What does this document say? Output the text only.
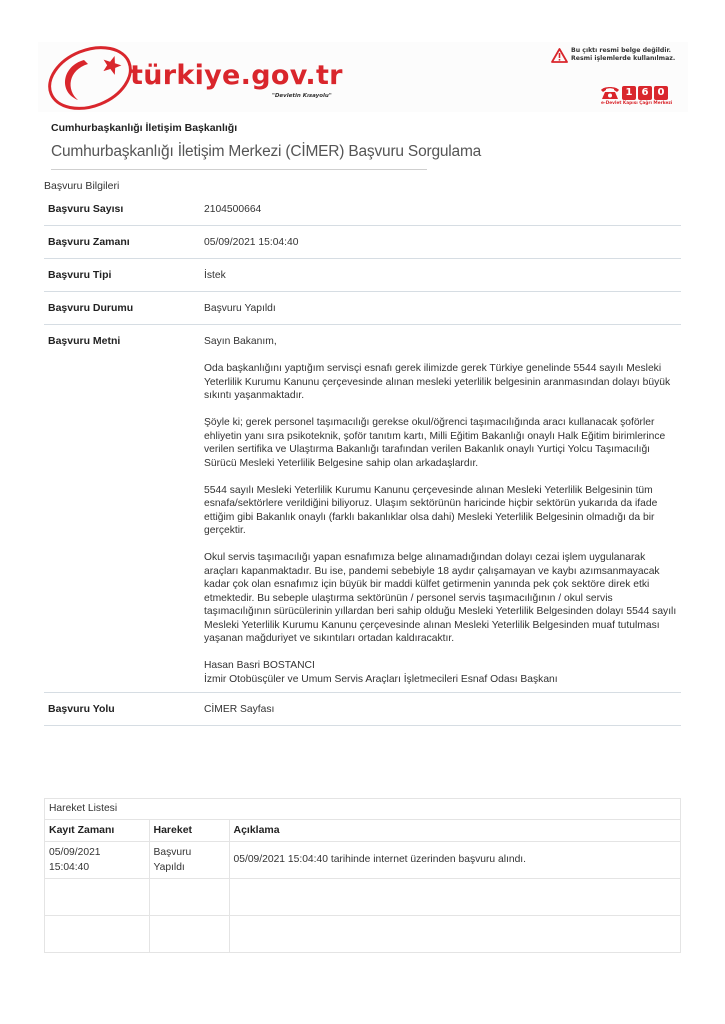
türkiye.gov.tr
"Devletin Kısayolu"
Bu çıktı resmi belge değildir.
Resmi işlemlerde kullanılmaz.
1 6 0
e-Devlet Kapısı Çağrı Merkezi
Cumhurbaşkanlığı İletişim Başkanlığı
Cumhurbaşkanlığı İletişim Merkezi (CİMER) Başvuru Sorgulama
Başvuru Bilgileri
Başvuru Sayısı	2104500664
Başvuru Zamanı	05/09/2021 15:04:40
Başvuru Tipi	İstek
Başvuru Durumu	Başvuru Yapıldı
Başvuru Metni	Sayın Bakanım,

Oda başkanlığını yaptığım servisçi esnafı gerek ilimizde gerek Türkiye genelinde 5544 sayılı Mesleki Yeterlilik Kurumu Kanunu çerçevesinde alınan mesleki yeterlilik belgesinin aranmasından dolayı büyük sıkıntı yaşanmaktadır.

Şöyle ki; gerek personel taşımacılığı gerekse okul/öğrenci taşımacılığında aracı kullanacak şoförler ehliyetin yanı sıra psikoteknik, şoför tanıtım kartı, Milli Eğitim Bakanlığı onaylı Halk Eğitim birimlerince verilen sertifika ve Ulaştırma Bakanlığı tarafından verilen Bakanlık onaylı Yurtiçi Yolcu Taşımacılığı Sürücü Mesleki Yeterlilik Belgesine sahip olan arkadaşlardır.

5544 sayılı Mesleki Yeterlilik Kurumu Kanunu çerçevesinde alınan Mesleki Yeterlilik Belgesinin tüm esnafa/sektörlere verildiğini biliyoruz. Ulaşım sektörünün haricinde hiçbir sektörün yukarıda da ifade ettiğim gibi Bakanlık onaylı (farklı bakanlıklar olsa dahi) Mesleki Yeterlilik Belgesinin olmadığı da bir gerçektir.

Okul servis taşımacılığı yapan esnafımıza belge alınamadığından dolayı cezai işlem uygulanarak araçları kapanmaktadır. Bu ise, pandemi sebebiyle 18 aydır çalışamayan ve kaybı azımsanmayacak kadar çok olan esnafımız için büyük bir maddi külfet getirmenin yanında pek çok sektöre direk etki etmektedir. Bu sebeple ulaştırma sektörünün / personel servis taşımacılığının / okul servis taşımacılığının sürücülerinin yıllardan beri sahip olduğu Mesleki Yeterlilik Belgesinden dolayı 5544 sayılı Mesleki Yeterlilik Kurumu Kanunu çerçevesinde alınan Mesleki Yeterlilik Belgesinden muaf tutulması yaşanan mağduriyet ve sıkıntıları ortadan kaldıracaktır.

Hasan Basri BOSTANCI
İzmir Otobüsçüler ve Umum Servis Araçları İşletmecileri Esnaf Odası Başkanı

Başvuru Yolu	CİMER Sayfası
Hareket Listesi
Kayıt Zamanı	Hareket	Açıklama
05/09/2021
15:04:40	Başvuru
Yapıldı	05/09/2021 15:04:40 tarihinde internet üzerinden başvuru alındı.
